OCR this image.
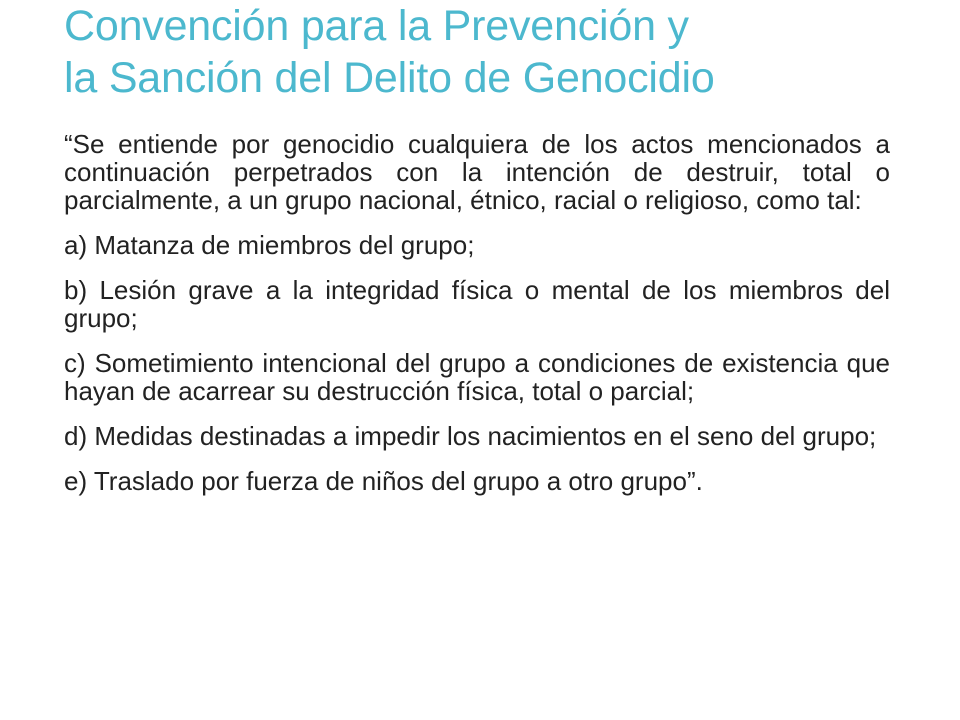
Convención para la Prevención y
la Sanción del Delito de Genocidio

“Se entiende por genocidio cualquiera de los actos mencionados a continuación perpetrados con la intención de destruir, total o parcialmente, a un grupo nacional, étnico, racial o religioso, como tal:

a) Matanza de miembros del grupo;

b) Lesión grave a la integridad física o mental de los miembros del grupo;

c) Sometimiento intencional del grupo a condiciones de existencia que hayan de acarrear su destrucción física, total o parcial;

d) Medidas destinadas a impedir los nacimientos en el seno del grupo;

e) Traslado por fuerza de niños del grupo a otro grupo”.
